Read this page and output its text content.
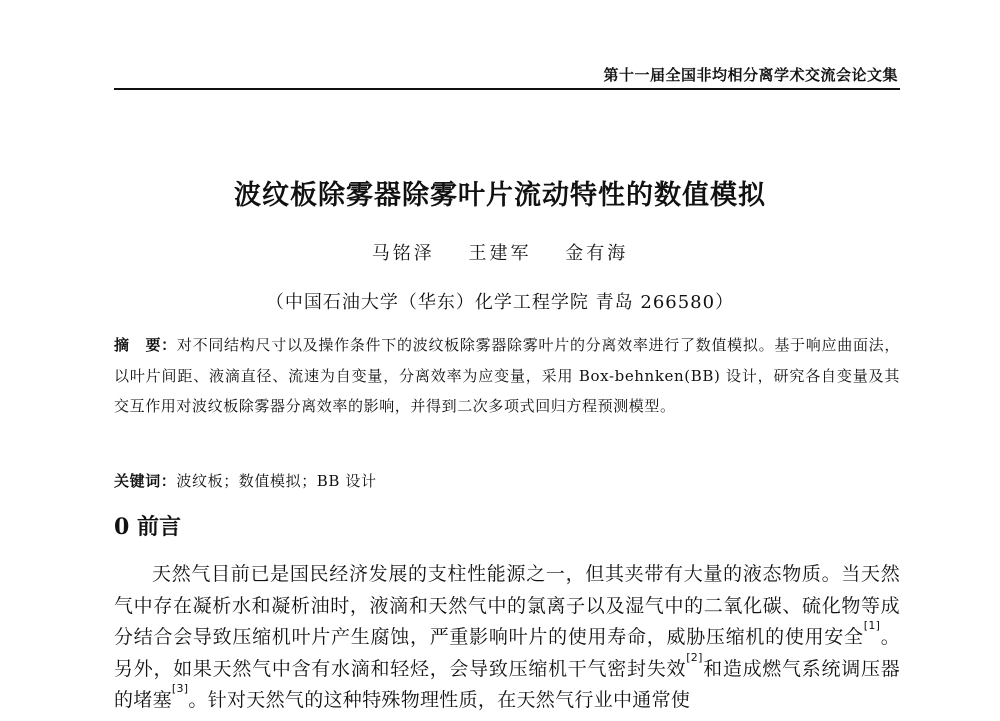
第十一届全国非均相分离学术交流会论文集
波纹板除雾器除雾叶片流动特性的数值模拟
马铭泽 王建军 金有海
（中国石油大学（华东）化学工程学院 青岛 266580）
摘　要：对不同结构尺寸以及操作条件下的波纹板除雾器除雾叶片的分离效率进行了数值模拟。基于响应曲面法，以叶片间距、液滴直径、流速为自变量，分离效率为应变量，采用 Box-behnken(BB) 设计，研究各自变量及其交互作用对波纹板除雾器分离效率的影响，并得到二次多项式回归方程预测模型。
关键词：波纹板；数值模拟；BB 设计
0 前言
天然气目前已是国民经济发展的支柱性能源之一，但其夹带有大量的液态物质。当天然气中存在凝析水和凝析油时，液滴和天然气中的氯离子以及湿气中的二氧化碳、硫化物等成分结合会导致压缩机叶片产生腐蚀，严重影响叶片的使用寿命，威胁压缩机的使用安全[1]。另外，如果天然气中含有水滴和轻烃，会导致压缩机干气密封失效[2]和造成燃气系统调压器的堵塞[3]。针对天然气的这种特殊物理性质，在天然气行业中通常使
